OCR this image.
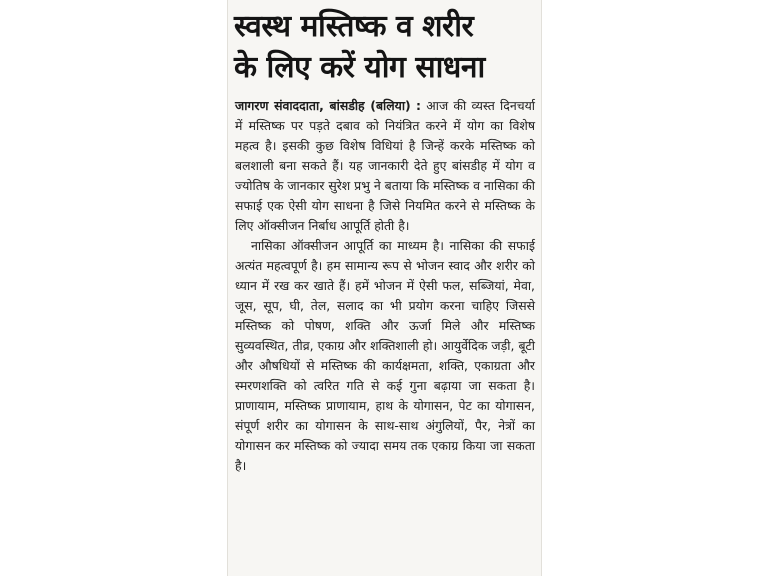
स्वस्थ मस्तिष्क व शरीर
के लिए करें योग साधना

जागरण संवाददाता, बांसडीह (बलिया) : आज की व्यस्त दिनचर्या में मस्तिष्क पर पड़ते दबाव को नियंत्रित करने में योग का विशेष महत्व है। इसकी कुछ विशेष विधियां है जिन्हें करके मस्तिष्क को बलशाली बना सकते हैं। यह जानकारी देते हुए बांसडीह में योग व ज्योतिष के जानकार सुरेश प्रभु ने बताया कि मस्तिष्क व नासिका की सफाई एक ऐसी योग साधना है जिसे नियमित करने से मस्तिष्क के लिए ऑक्सीजन निर्बाध आपूर्ति होती है।

नासिका ऑक्सीजन आपूर्ति का माध्यम है। नासिका की सफाई अत्यंत महत्वपूर्ण है। हम सामान्य रूप से भोजन स्वाद और शरीर को ध्यान में रख कर खाते हैं। हमें भोजन में ऐसी फल, सब्जियां, मेवा, जूस, सूप, घी, तेल, सलाद का भी प्रयोग करना चाहिए जिससे मस्तिष्क को पोषण, शक्ति और ऊर्जा मिले और मस्तिष्क सुव्यवस्थित, तीव्र, एकाग्र और शक्तिशाली हो। आयुर्वेदिक जड़ी, बूटी और औषधियों से मस्तिष्क की कार्यक्षमता, शक्ति, एकाग्रता और स्मरणशक्ति को त्वरित गति से कई गुना बढ़ाया जा सकता है। प्राणायाम, मस्तिष्क प्राणायाम, हाथ के योगासन, पेट का योगासन, संपूर्ण शरीर का योगासन के साथ-साथ अंगुलियों, पैर, नेत्रों का योगासन कर मस्तिष्क को ज्यादा समय तक एकाग्र किया जा सकता है।
